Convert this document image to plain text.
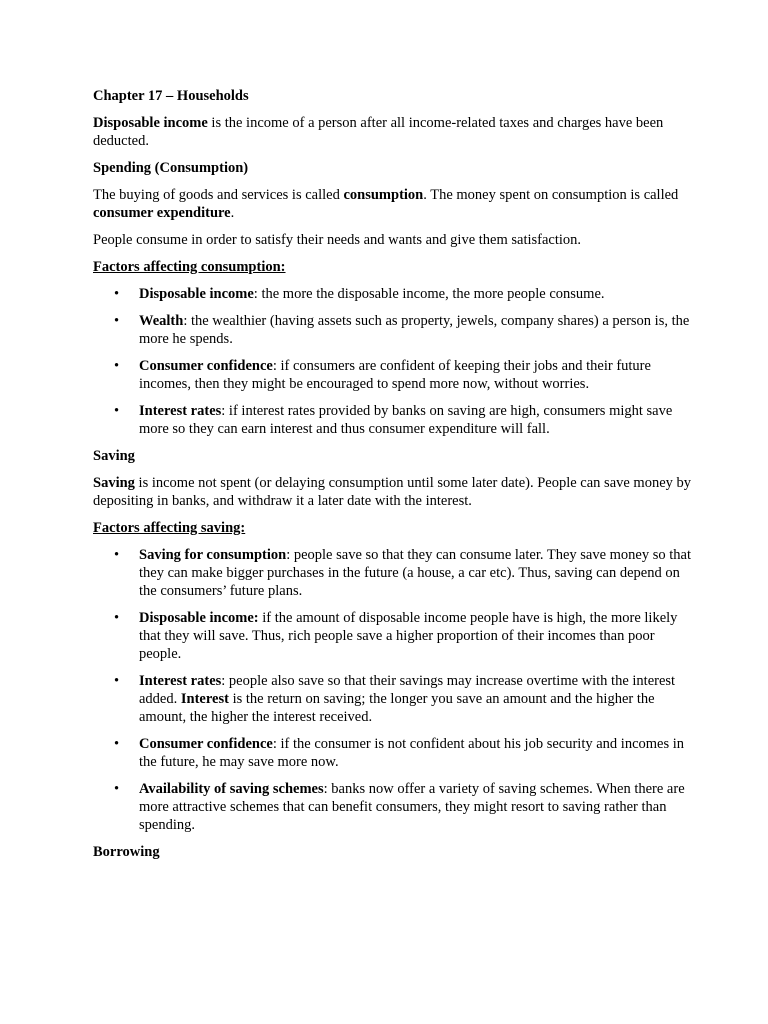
Chapter 17 – Households

Disposable income is the income of a person after all income-related taxes and charges have been deducted.

Spending (Consumption)

The buying of goods and services is called consumption. The money spent on consumption is called consumer expenditure.

People consume in order to satisfy their needs and wants and give them satisfaction.

Factors affecting consumption:

• Disposable income: the more the disposable income, the more people consume.
• Wealth: the wealthier (having assets such as property, jewels, company shares) a person is, the more he spends.
• Consumer confidence: if consumers are confident of keeping their jobs and their future incomes, then they might be encouraged to spend more now, without worries.
• Interest rates: if interest rates provided by banks on saving are high, consumers might save more so they can earn interest and thus consumer expenditure will fall.

Saving

Saving is income not spent (or delaying consumption until some later date). People can save money by depositing in banks, and withdraw it a later date with the interest.

Factors affecting saving:

• Saving for consumption: people save so that they can consume later. They save money so that they can make bigger purchases in the future (a house, a car etc). Thus, saving can depend on the consumers’ future plans.
• Disposable income: if the amount of disposable income people have is high, the more likely that they will save. Thus, rich people save a higher proportion of their incomes than poor people.
• Interest rates: people also save so that their savings may increase overtime with the interest added. Interest is the return on saving; the longer you save an amount and the higher the amount, the higher the interest received.
• Consumer confidence: if the consumer is not confident about his job security and incomes in the future, he may save more now.
• Availability of saving schemes: banks now offer a variety of saving schemes. When there are more attractive schemes that can benefit consumers, they might resort to saving rather than spending.

Borrowing
